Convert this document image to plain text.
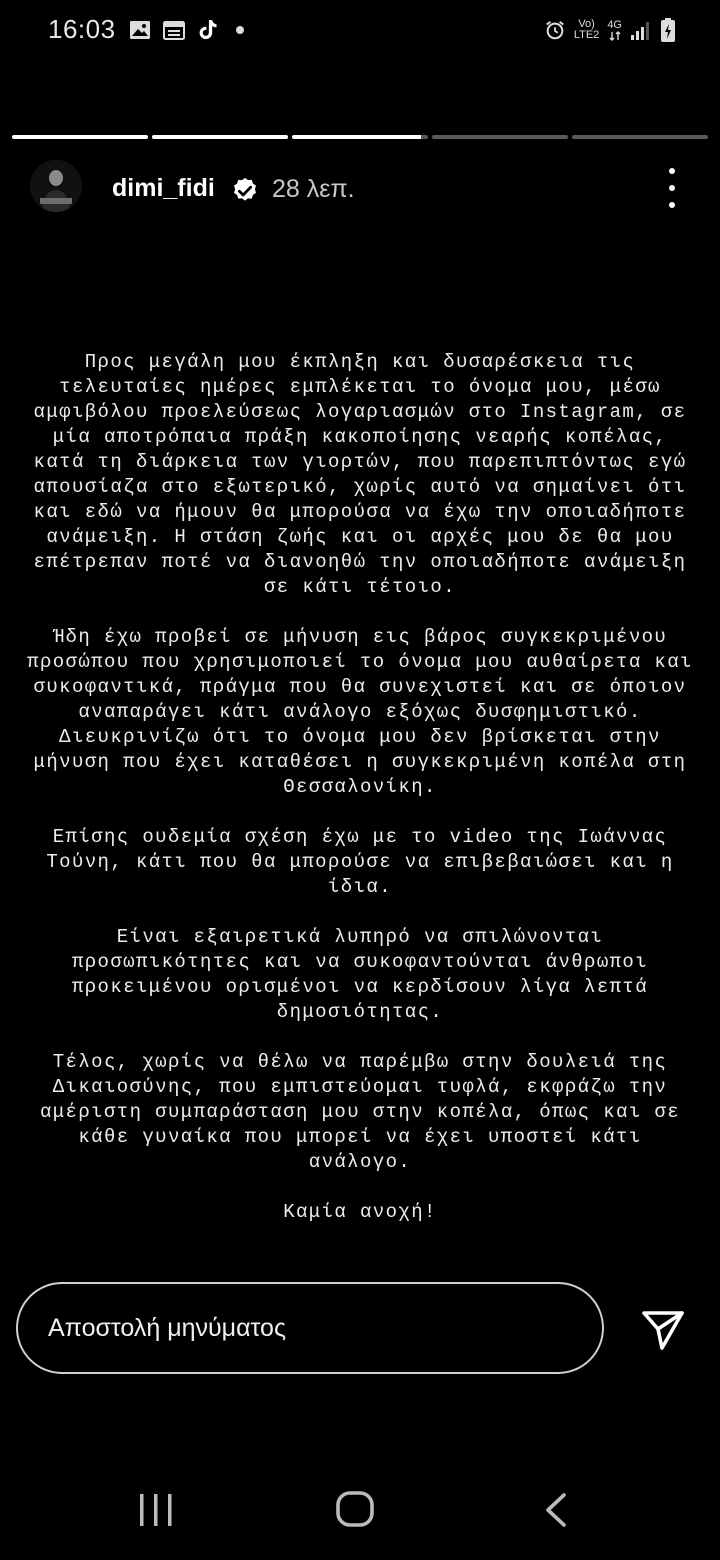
16:03	Vo)
LTE2
4G
dimi_fidi 28 λεπ.
Προς μεγάλη μου έκπληξη και δυσαρέσκεια τις
τελευταίες ημέρες εμπλέκεται το όνομα μου, μέσω
αμφιβόλου προελεύσεως λογαριασμών στο Instagram, σε
μία αποτρόπαια πράξη κακοποίησης νεαρής κοπέλας,
κατά τη διάρκεια των γιορτών, που παρεπιπτόντως εγώ
απουσίαζα στο εξωτερικό, χωρίς αυτό να σημαίνει ότι
και εδώ να ήμουν θα μπορούσα να έχω την οποιαδήποτε
ανάμειξη. Η στάση ζωής και οι αρχές μου δε θα μου
επέτρεπαν ποτέ να διανοηθώ την οποιαδήποτε ανάμειξη
σε κάτι τέτοιο.

Ήδη έχω προβεί σε μήνυση εις βάρος συγκεκριμένου
προσώπου που χρησιμοποιεί το όνομα μου αυθαίρετα και
συκοφαντικά, πράγμα που θα συνεχιστεί και σε όποιον
αναπαράγει κάτι ανάλογο εξόχως δυσφημιστικό.
Διευκρινίζω ότι το όνομα μου δεν βρίσκεται στην
μήνυση που έχει καταθέσει η συγκεκριμένη κοπέλα στη
Θεσσαλονίκη.

Επίσης ουδεμία σχέση έχω με το video της Ιωάννας
Τούνη, κάτι που θα μπορούσε να επιβεβαιώσει και η
ίδια.

Είναι εξαιρετικά λυπηρό να σπιλώνονται
προσωπικότητες και να συκοφαντούνται άνθρωποι
προκειμένου ορισμένοι να κερδίσουν λίγα λεπτά
δημοσιότητας.

Τέλος, χωρίς να θέλω να παρέμβω στην δουλειά της
Δικαιοσύνης, που εμπιστεύομαι τυφλά, εκφράζω την
αμέριστη συμπαράσταση μου στην κοπέλα, όπως και σε
κάθε γυναίκα που μπορεί να έχει υποστεί κάτι
ανάλογο.

Καμία ανοχή!
Αποστολή μηνύματος
